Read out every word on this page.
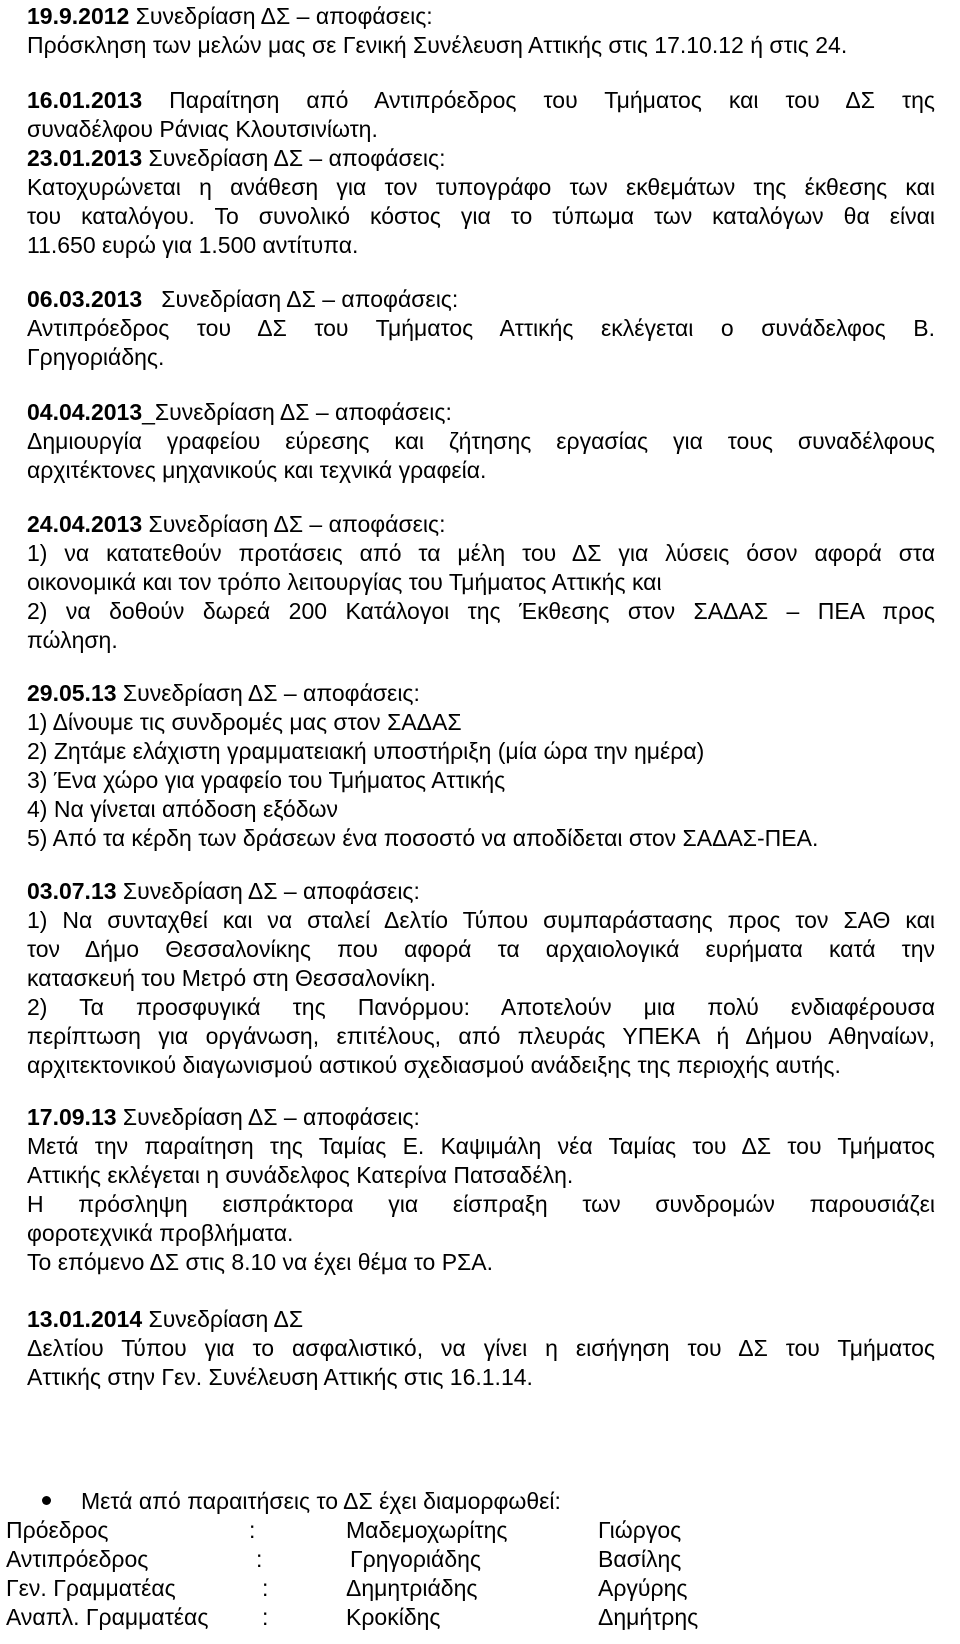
19.9.2012 Συνεδρίαση ΔΣ – αποφάσεις:
Πρόσκληση των μελών μας σε Γενική Συνέλευση Αττικής στις 17.10.12 ή στις 24.
16.01.2013 Παραίτηση από Αντιπρόεδρος του Τμήματος και του ΔΣ της
συναδέλφου Ράνιας Κλουτσινίωτη.
23.01.2013 Συνεδρίαση ΔΣ – αποφάσεις:
Κατοχυρώνεται η ανάθεση για τον τυπογράφο των εκθεμάτων της έκθεσης και
του καταλόγου. Το συνολικό κόστος για το τύπωμα των καταλόγων θα είναι
11.650 ευρώ για 1.500 αντίτυπα.
06.03.2013   Συνεδρίαση ΔΣ – αποφάσεις:
Αντιπρόεδρος του ΔΣ του Τμήματος Αττικής εκλέγεται ο συνάδελφος Β.
Γρηγοριάδης.
04.04.2013_Συνεδρίαση ΔΣ – αποφάσεις:
Δημιουργία γραφείου εύρεσης και ζήτησης εργασίας για τους συναδέλφους
αρχιτέκτονες μηχανικούς και τεχνικά γραφεία.
24.04.2013 Συνεδρίαση ΔΣ – αποφάσεις:
1) να κατατεθούν προτάσεις από τα μέλη του ΔΣ για λύσεις όσον αφορά στα
οικονομικά και τον τρόπο λειτουργίας του Τμήματος Αττικής και
2) να δοθούν δωρεά 200 Κατάλογοι της Έκθεσης στον ΣΑΔΑΣ – ΠΕΑ προς
πώληση.
29.05.13 Συνεδρίαση ΔΣ – αποφάσεις:
1) Δίνουμε τις συνδρομές μας στον ΣΑΔΑΣ
2) Ζητάμε ελάχιστη γραμματειακή υποστήριξη (μία ώρα την ημέρα)
3) Ένα χώρο για γραφείο του Τμήματος Αττικής
4) Να γίνεται απόδοση εξόδων
5) Από τα κέρδη των δράσεων ένα ποσοστό να αποδίδεται στον ΣΑΔΑΣ-ΠΕΑ.
03.07.13 Συνεδρίαση ΔΣ – αποφάσεις:
1) Να συνταχθεί και να σταλεί Δελτίο Τύπου συμπαράστασης προς τον ΣΑΘ και
τον Δήμο Θεσσαλονίκης που αφορά τα αρχαιολογικά ευρήματα κατά την
κατασκευή του Μετρό στη Θεσσαλονίκη.
2) Τα προσφυγικά της Πανόρμου: Αποτελούν μια πολύ ενδιαφέρουσα
περίπτωση για οργάνωση, επιτέλους, από πλευράς ΥΠΕΚΑ ή Δήμου Αθηναίων,
αρχιτεκτονικού διαγωνισμού αστικού σχεδιασμού ανάδειξης της περιοχής αυτής.
17.09.13 Συνεδρίαση ΔΣ – αποφάσεις:
Μετά την παραίτηση της Ταμίας Ε. Καψιμάλη νέα Ταμίας του ΔΣ του Τμήματος
Αττικής εκλέγεται η συνάδελφος Κατερίνα Πατσαδέλη.
Η πρόσληψη εισπράκτορα για είσπραξη των συνδρομών παρουσιάζει
φοροτεχνικά προβλήματα.
Το επόμενο ΔΣ στις 8.10 να έχει θέμα το ΡΣΑ.
13.01.2014 Συνεδρίαση ΔΣ
Δελτίου Τύπου για το ασφαλιστικό, να γίνει η εισήγηση του ΔΣ του Τμήματος
Αττικής στην Γεν. Συνέλευση Αττικής στις 16.1.14.
Μετά από παραιτήσεις το ΔΣ έχει διαμορφωθεί:
Πρόεδρος	:	Μαδεμοχωρίτης	Γιώργος
Αντιπρόεδρος	:	Γρηγοριάδης	Βασίλης
Γεν. Γραμματέας	:	Δημητριάδης	Αργύρης
Αναπλ. Γραμματέας :	Κροκίδης	Δημήτρης
